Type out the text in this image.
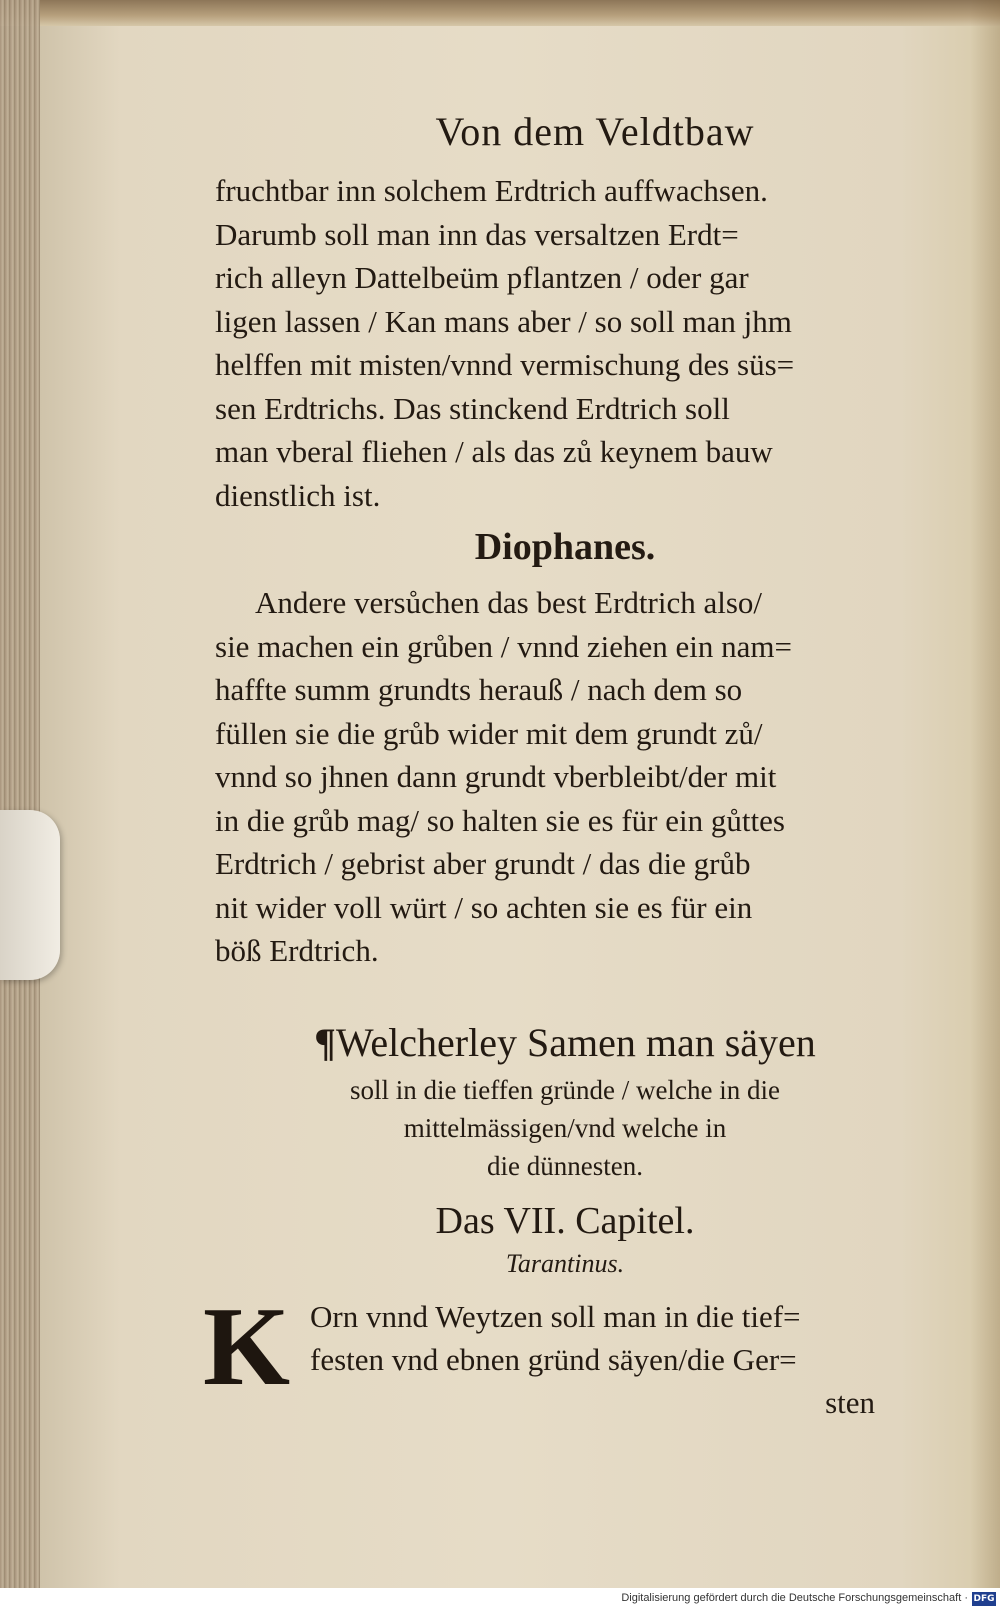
Von dem Veldtbaw

fruchtbar inn solchem Erdtrich auffwachsen.
Darumb soll man inn das versaltzen Erdt=
rich alleyn Dattelbeüm pflantzen / oder gar
ligen lassen / Kan mans aber / so soll man jhm
helffen mit misten/vnnd vermischung des süs=
sen Erdtrichs. Das stinckend Erdtrich soll
man vberal fliehen / als das zů keynem bauw
dienstlich ist.

Diophanes.

Andere versůchen das best Erdtrich also/
sie machen ein grůben / vnnd ziehen ein nam=
haffte summ grundts herauß / nach dem so
füllen sie die grůb wider mit dem grundt zů/
vnnd so jhnen dann grundt vberbleibt/der mit
in die grůb mag/ so halten sie es für ein gůttes
Erdtrich / gebrist aber grundt / das die grůb
nit wider voll würt / so achten sie es für ein
böß Erdtrich.

¶Welcherley Samen man säyen
soll in die tieffen gründe / welche in die
mittelmässigen/vnd welche in
die dünnesten.
Das VII. Capitel.
Tarantinus.
K Orn vnnd Weytzen soll man in die tief=
festen vnd ebnen gründ säyen/die Ger=
sten
Digitalisierung gefördert durch die Deutsche Forschungsgemeinschaft · DFG
